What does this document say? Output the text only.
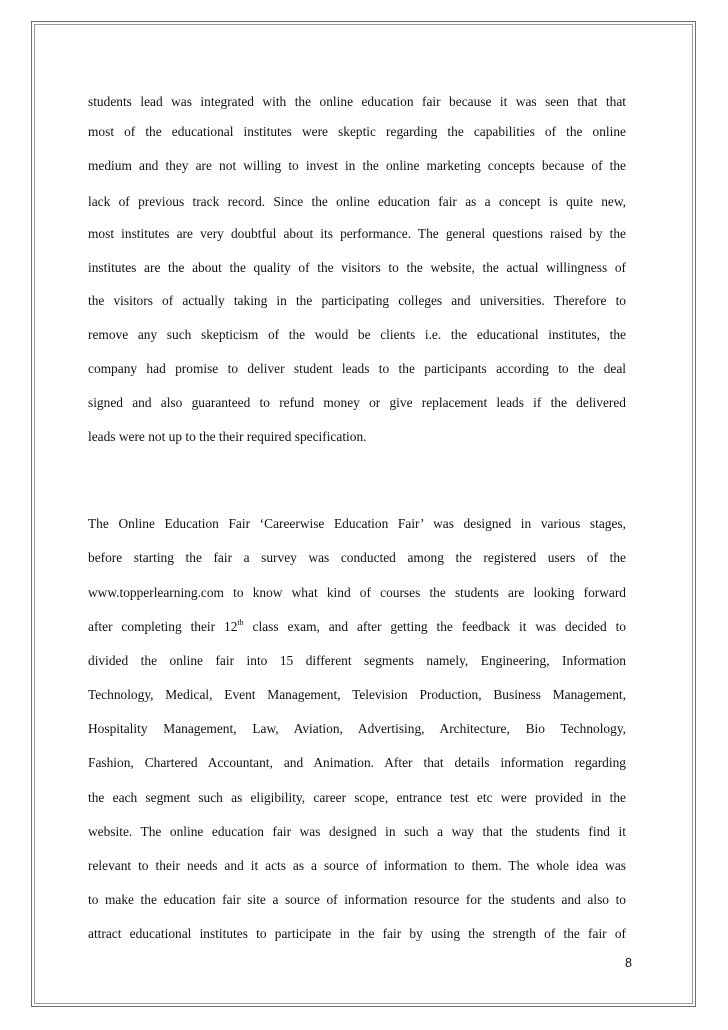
students lead was integrated with the online education fair because it was seen that that
most of the educational institutes were skeptic regarding the capabilities of the online
medium and they are not willing to invest in the online marketing concepts because of the
lack of previous track record. Since the online education fair as a concept is quite new,
most institutes are very doubtful about its performance. The general questions raised by the
institutes are the about the quality of the visitors to the website, the actual willingness of
the visitors of actually taking in the participating colleges and universities. Therefore to
remove any such skepticism of the would be clients i.e. the educational institutes, the
company had promise to deliver student leads to the participants according to the deal
signed and also guaranteed to refund money or give replacement leads if the delivered
leads were not up to the their required specification.
The Online Education Fair ‘Careerwise Education Fair’ was designed in various stages,
before starting the fair a survey was conducted among the registered users of the
www.topperlearning.com to know what kind of courses the students are looking forward
after completing their 12th class exam, and after getting the feedback it was decided to
divided the online fair into 15 different segments namely, Engineering, Information
Technology, Medical, Event Management, Television Production, Business Management,
Hospitality Management, Law, Aviation, Advertising, Architecture, Bio Technology,
Fashion, Chartered Accountant, and Animation. After that details information regarding
the each segment such as eligibility, career scope, entrance test etc were provided in the
website. The online education fair was designed in such a way that the students find it
relevant to their needs and it acts as a source of information to them. The whole idea was
to make the education fair site a source of information resource for the students and also to
attract educational institutes to participate in the fair by using the strength of the fair of
8
